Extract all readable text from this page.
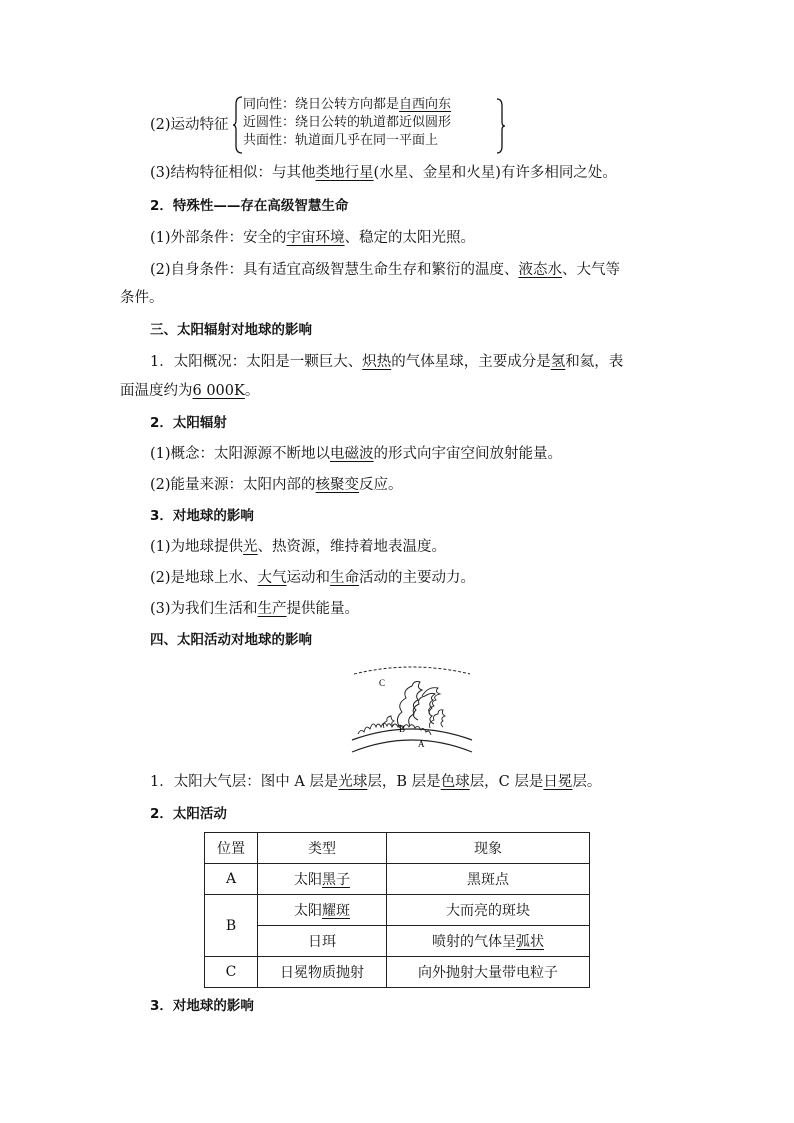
(2)运动特征
同向性：绕日公转方向都是自西向东
近圆性：绕日公转的轨道都近似圆形
共面性：轨道面几乎在同一平面上
(3)结构特征相似：与其他类地行星(水星、金星和火星)有许多相同之处。
2．特殊性——存在高级智慧生命
(1)外部条件：安全的宇宙环境、稳定的太阳光照。
(2)自身条件：具有适宜高级智慧生命生存和繁衍的温度、液态水、大气等
条件。
三、太阳辐射对地球的影响
1．太阳概况：太阳是一颗巨大、炽热的气体星球，主要成分是氢和氦，表
面温度约为6 000K。
2．太阳辐射
(1)概念：太阳源源不断地以电磁波的形式向宇宙空间放射能量。
(2)能量来源：太阳内部的核聚变反应。
3．对地球的影响
(1)为地球提供光、热资源，维持着地表温度。
(2)是地球上水、大气运动和生命活动的主要动力。
(3)为我们生活和生产提供能量。
四、太阳活动对地球的影响
C
B
A
1．太阳大气层：图中 A 层是光球层，B 层是色球层，C 层是日冕层。
2．太阳活动
位置	类型	现象
A	太阳黑子	黑斑点
B	太阳耀斑	大而亮的斑块
	日珥	喷射的气体呈弧状
C	日冕物质抛射	向外抛射大量带电粒子
3．对地球的影响
